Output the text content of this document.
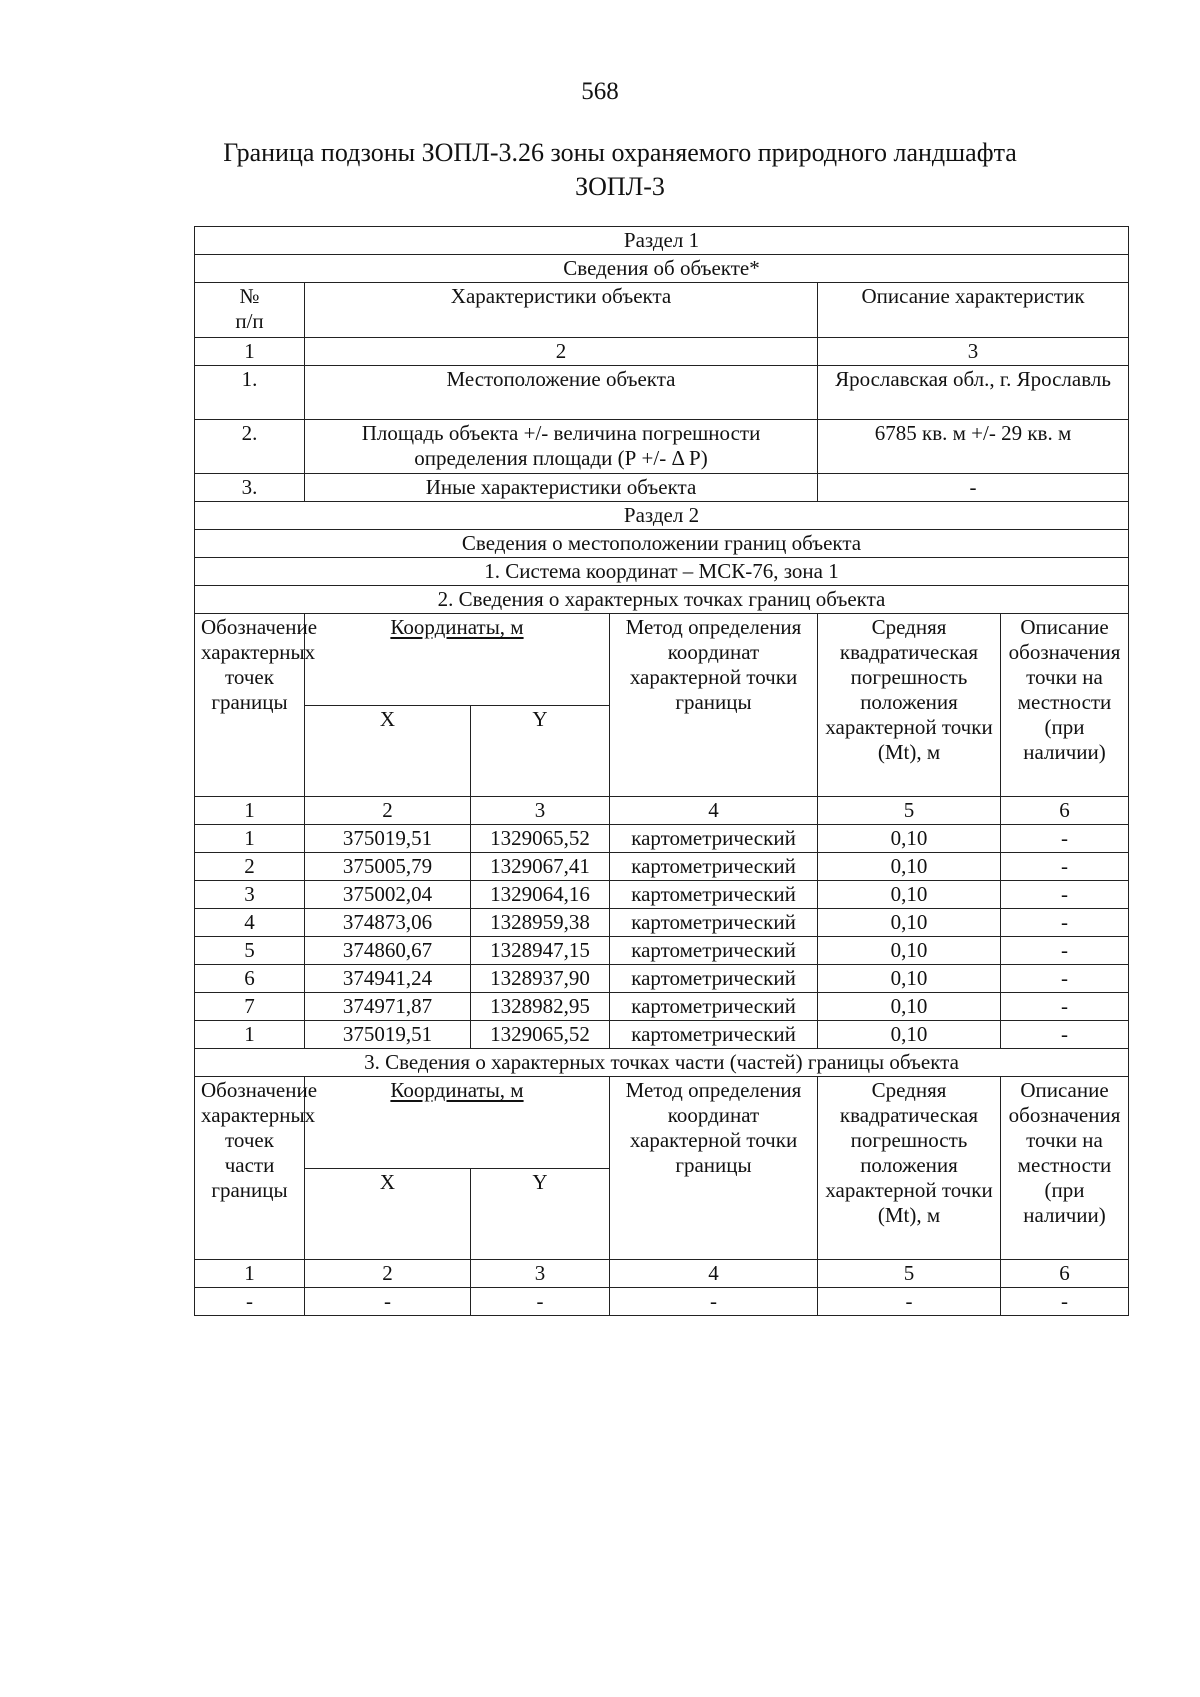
568
Граница подзоны ЗОПЛ-3.26 зоны охраняемого природного ландшафта
ЗОПЛ-3
Раздел 1					
Сведения об объекте*					

№
п/п	Характеристики объекта			Описание характеристик	
1	2			3	
1.	Местоположение объекта			Ярославская обл., г. Ярославль	
2.	Площадь объекта +/- величина погрешности определения площади (Р +/- Δ Р)			6785 кв. м +/- 29 кв. м	
3.	Иные характеристики объекта			-	
Раздел 2					
Сведения о местоположении границ объекта					
1. Система координат – МСК-76, зона 1					
2. Сведения о характерных точках границ объекта					
Обозначение характерных точек границы	Координаты, м		Метод определения координат характерной точки границы	Средняя квадратическая погрешность положения характерной точки (Mt), м	Описание обозначения точки на местности (при наличии)
	X	Y			
1	2	3	4	5	6
1	375019,51	1329065,52	картометрический	0,10	-
2	375005,79	1329067,41	картометрический	0,10	-
3	375002,04	1329064,16	картометрический	0,10	-
4	374873,06	1328959,38	картометрический	0,10	-
5	374860,67	1328947,15	картометрический	0,10	-
6	374941,24	1328937,90	картометрический	0,10	-
7	374971,87	1328982,95	картометрический	0,10	-
1	375019,51	1329065,52	картометрический	0,10	-
3. Сведения о характерных точках части (частей) границы объекта					
Обозначение характерных точек части границы	Координаты, м		Метод определения координат характерной точки границы	Средняя квадратическая погрешность положения характерной точки (Mt), м	Описание обозначения точки на местности (при наличии)
	X	Y			
1	2	3	4	5	6
-	-	-	-	-	-
